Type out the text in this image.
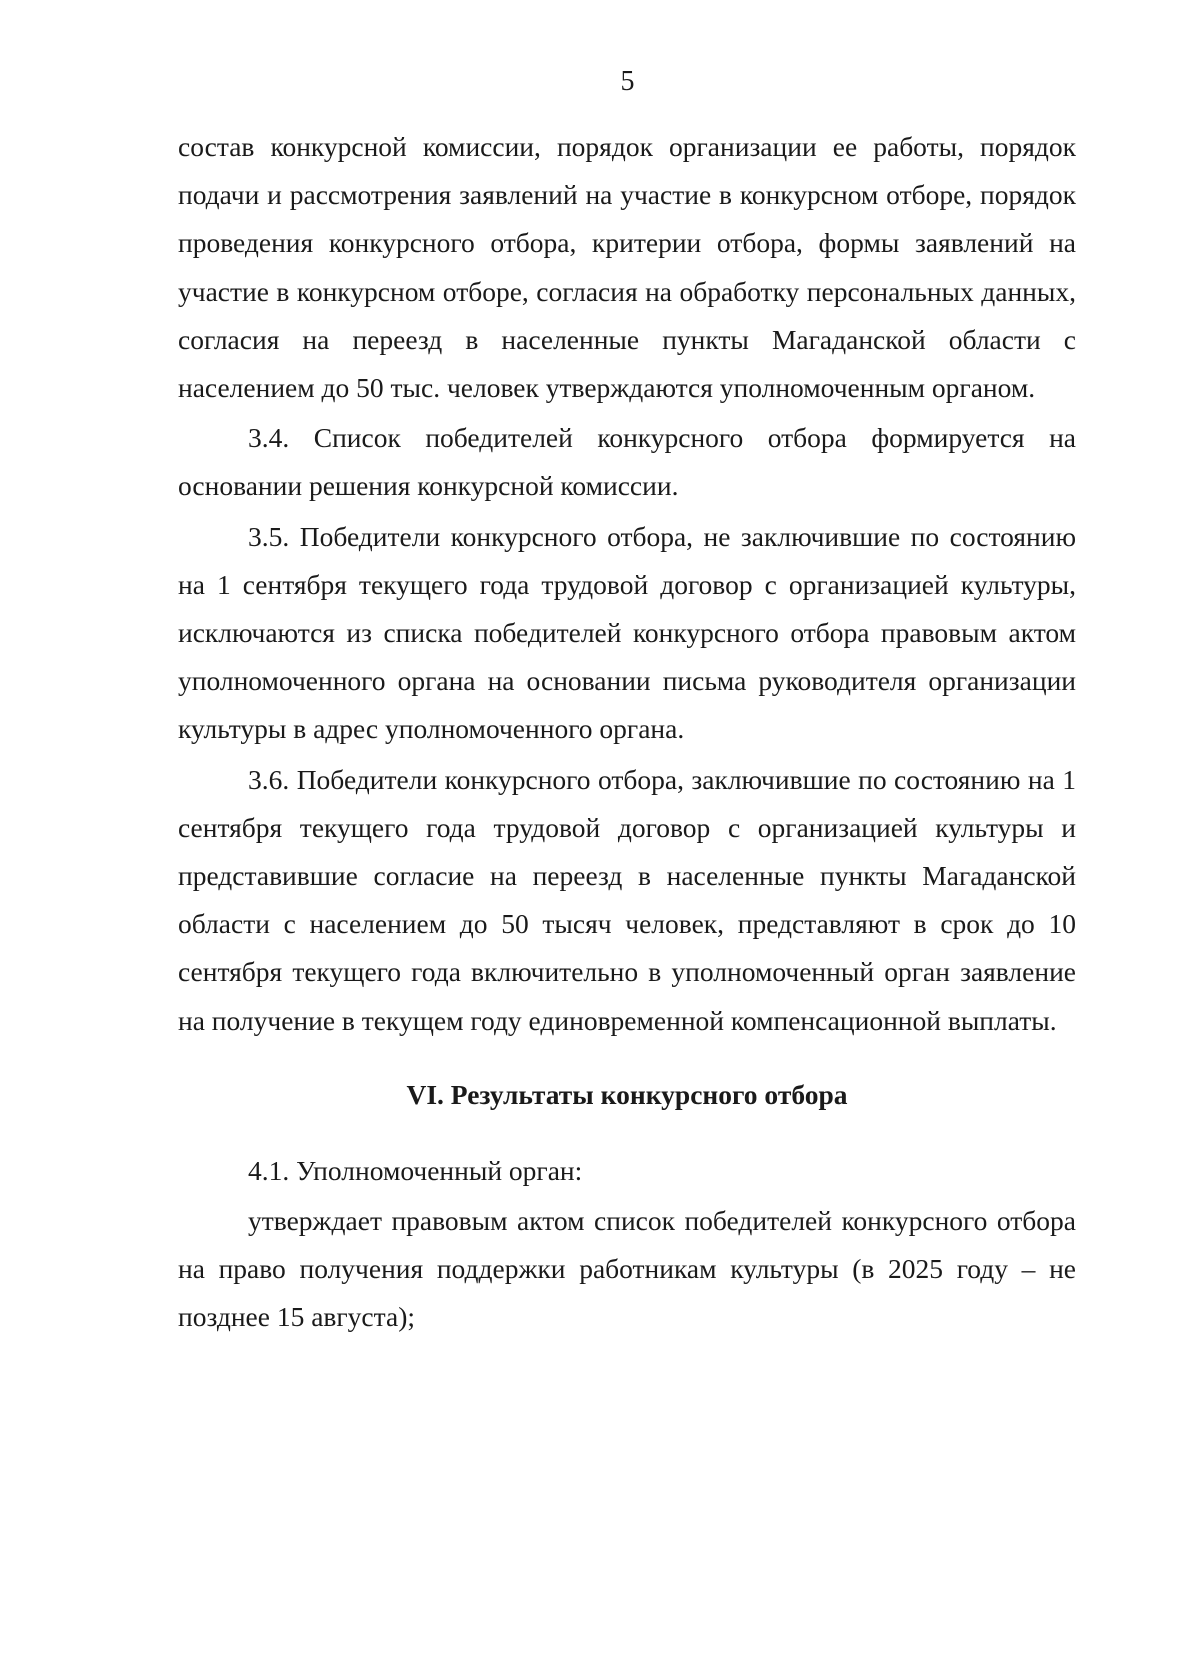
5

состав конкурсной комиссии, порядок организации ее работы, порядок подачи и рассмотрения заявлений на участие в конкурсном отборе, порядок проведения конкурсного отбора, критерии отбора, формы заявлений на участие в конкурсном отборе, согласия на обработку персональных данных, согласия на переезд в населенные пункты Магаданской области с населением до 50 тыс. человек утверждаются уполномоченным органом.

3.4. Список победителей конкурсного отбора формируется на основании решения конкурсной комиссии.

3.5. Победители конкурсного отбора, не заключившие по состоянию на 1 сентября текущего года трудовой договор с организацией культуры, исключаются из списка победителей конкурсного отбора правовым актом уполномоченного органа на основании письма руководителя организации культуры в адрес уполномоченного органа.

3.6. Победители конкурсного отбора, заключившие по состоянию на 1 сентября текущего года трудовой договор с организацией культуры и представившие согласие на переезд в населенные пункты Магаданской области с населением до 50 тысяч человек, представляют в срок до 10 сентября текущего года включительно в уполномоченный орган заявление на получение в текущем году единовременной компенсационной выплаты.

VI. Результаты конкурсного отбора

4.1. Уполномоченный орган:

утверждает правовым актом список победителей конкурсного отбора на право получения поддержки работникам культуры (в 2025 году – не позднее 15 августа);
